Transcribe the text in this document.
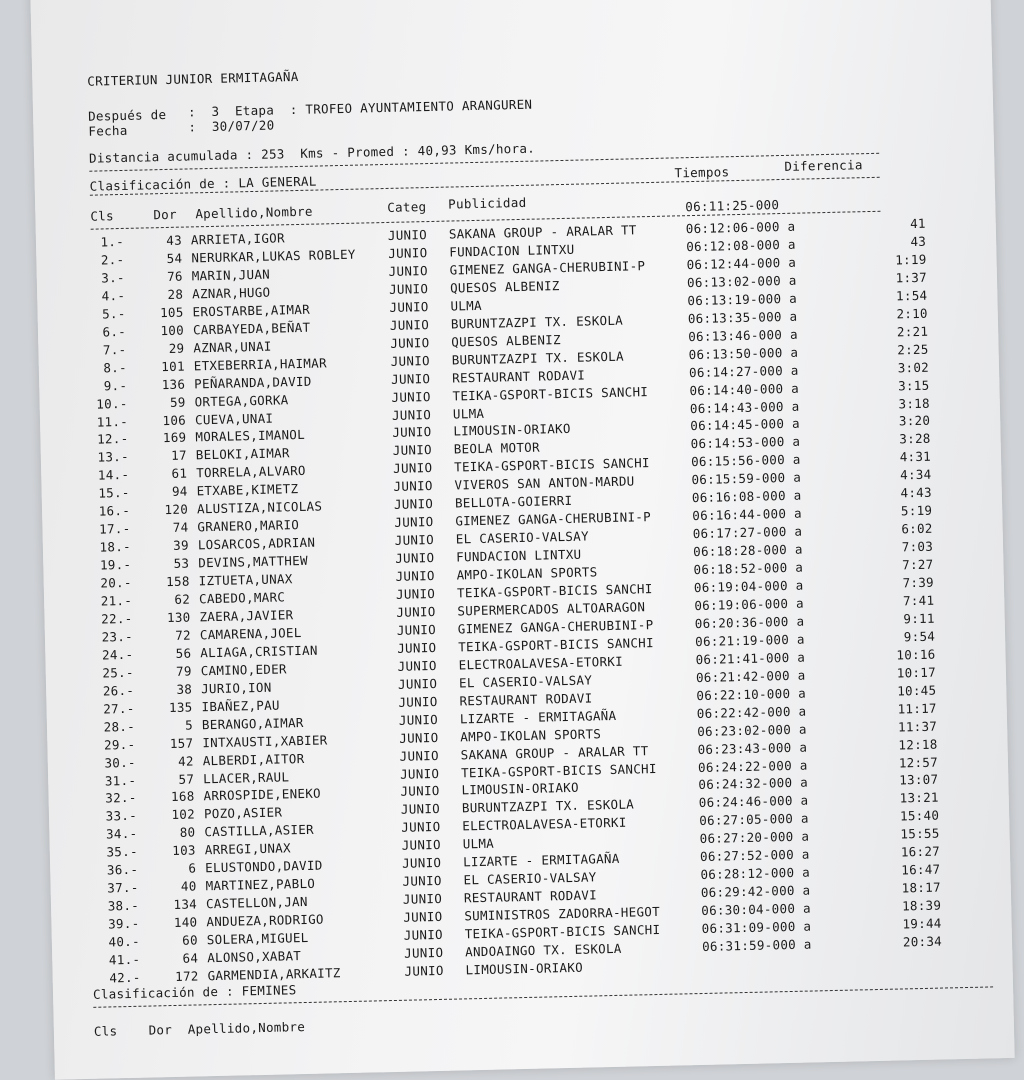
CRITERIUN JUNIOR ERMITAGAÑA
Después de :  3  Etapa  : TROFEO AYUNTAMIENTO ARANGUREN
Fecha	:  30/07/20
Distancia acumulada : 253  Kms - Promed : 40,93 Kms/hora.
Clasificación de : LA GENERAL
Tiempos	Diferencia
Cls	Dor Apellido,Nombre	Categ Publicidad	06:11:25-000
1.-	43 ARRIETA,IGOR	JUNIO SAKANA GROUP - ARALAR TT	06:12:06-000 a	41
2.-	54 NERURKAR,LUKAS ROBLEY	JUNIO FUNDACION LINTXU	06:12:08-000 a	43
3.-	76 MARIN,JUAN	JUNIO GIMENEZ GANGA-CHERUBINI-P	06:12:44-000 a	1:19
4.-	28 AZNAR,HUGO	JUNIO QUESOS ALBENIZ	06:13:02-000 a	1:37
5.-	105 EROSTARBE,AIMAR	JUNIO ULMA	06:13:19-000 a	1:54
6.-	100 CARBAYEDA,BEÑAT	JUNIO BURUNTZAZPI TX. ESKOLA	06:13:35-000 a	2:10
7.-	29 AZNAR,UNAI	JUNIO QUESOS ALBENIZ	06:13:46-000 a	2:21
8.-	101 ETXEBERRIA,HAIMAR	JUNIO BURUNTZAZPI TX. ESKOLA	06:13:50-000 a	2:25
9.-	136 PEÑARANDA,DAVID	JUNIO RESTAURANT RODAVI	06:14:27-000 a	3:02
10.-	59 ORTEGA,GORKA	JUNIO TEIKA-GSPORT-BICIS SANCHI	06:14:40-000 a	3:15
11.-	106 CUEVA,UNAI	JUNIO ULMA	06:14:43-000 a	3:18
12.-	169 MORALES,IMANOL	JUNIO LIMOUSIN-ORIAKO	06:14:45-000 a	3:20
13.-	17 BELOKI,AIMAR	JUNIO BEOLA MOTOR	06:14:53-000 a	3:28
14.-	61 TORRELA,ALVARO	JUNIO TEIKA-GSPORT-BICIS SANCHI	06:15:56-000 a	4:31
15.-	94 ETXABE,KIMETZ	JUNIO VIVEROS SAN ANTON-MARDU	06:15:59-000 a	4:34
16.-	120 ALUSTIZA,NICOLAS	JUNIO BELLOTA-GOIERRI	06:16:08-000 a	4:43
17.-	74 GRANERO,MARIO	JUNIO GIMENEZ GANGA-CHERUBINI-P	06:16:44-000 a	5:19
18.-	39 LOSARCOS,ADRIAN	JUNIO EL CASERIO-VALSAY	06:17:27-000 a	6:02
19.-	53 DEVINS,MATTHEW	JUNIO FUNDACION LINTXU	06:18:28-000 a	7:03
20.-	158 IZTUETA,UNAX	JUNIO AMPO-IKOLAN SPORTS	06:18:52-000 a	7:27
21.-	62 CABEDO,MARC	JUNIO TEIKA-GSPORT-BICIS SANCHI	06:19:04-000 a	7:39
22.-	130 ZAERA,JAVIER	JUNIO SUPERMERCADOS ALTOARAGON	06:19:06-000 a	7:41
23.-	72 CAMARENA,JOEL	JUNIO GIMENEZ GANGA-CHERUBINI-P	06:20:36-000 a	9:11
24.-	56 ALIAGA,CRISTIAN	JUNIO TEIKA-GSPORT-BICIS SANCHI	06:21:19-000 a	9:54
25.-	79 CAMINO,EDER	JUNIO ELECTROALAVESA-ETORKI	06:21:41-000 a	10:16
26.-	38 JURIO,ION	JUNIO EL CASERIO-VALSAY	06:21:42-000 a	10:17
27.-	135 IBAÑEZ,PAU	JUNIO RESTAURANT RODAVI	06:22:10-000 a	10:45
28.-	5 BERANGO,AIMAR	JUNIO LIZARTE - ERMITAGAÑA	06:22:42-000 a	11:17
29.-	157 INTXAUSTI,XABIER	JUNIO AMPO-IKOLAN SPORTS	06:23:02-000 a	11:37
30.-	42 ALBERDI,AITOR	JUNIO SAKANA GROUP - ARALAR TT	06:23:43-000 a	12:18
31.-	57 LLACER,RAUL	JUNIO TEIKA-GSPORT-BICIS SANCHI	06:24:22-000 a	12:57
32.-	168 ARROSPIDE,ENEKO	JUNIO LIMOUSIN-ORIAKO	06:24:32-000 a	13:07
33.-	102 POZO,ASIER	JUNIO BURUNTZAZPI TX. ESKOLA	06:24:46-000 a	13:21
34.-	80 CASTILLA,ASIER	JUNIO ELECTROALAVESA-ETORKI	06:27:05-000 a	15:40
35.-	103 ARREGI,UNAX	JUNIO ULMA	06:27:20-000 a	15:55
36.-	6 ELUSTONDO,DAVID	JUNIO LIZARTE - ERMITAGAÑA	06:27:52-000 a	16:27
37.-	40 MARTINEZ,PABLO	JUNIO EL CASERIO-VALSAY	06:28:12-000 a	16:47
38.-	134 CASTELLON,JAN	JUNIO RESTAURANT RODAVI	06:29:42-000 a	18:17
39.-	140 ANDUEZA,RODRIGO	JUNIO SUMINISTROS ZADORRA-HEGOT	06:30:04-000 a	18:39
40.-	60 SOLERA,MIGUEL	JUNIO TEIKA-GSPORT-BICIS SANCHI	06:31:09-000 a	19:44
41.-	64 ALONSO,XABAT	JUNIO ANDOAINGO TX. ESKOLA	06:31:59-000 a	20:34
42.-	172 GARMENDIA,ARKAITZ	JUNIO LIMOUSIN-ORIAKO
Clasificación de : FEMINES
Cls    Dor  Apellido,Nombre
